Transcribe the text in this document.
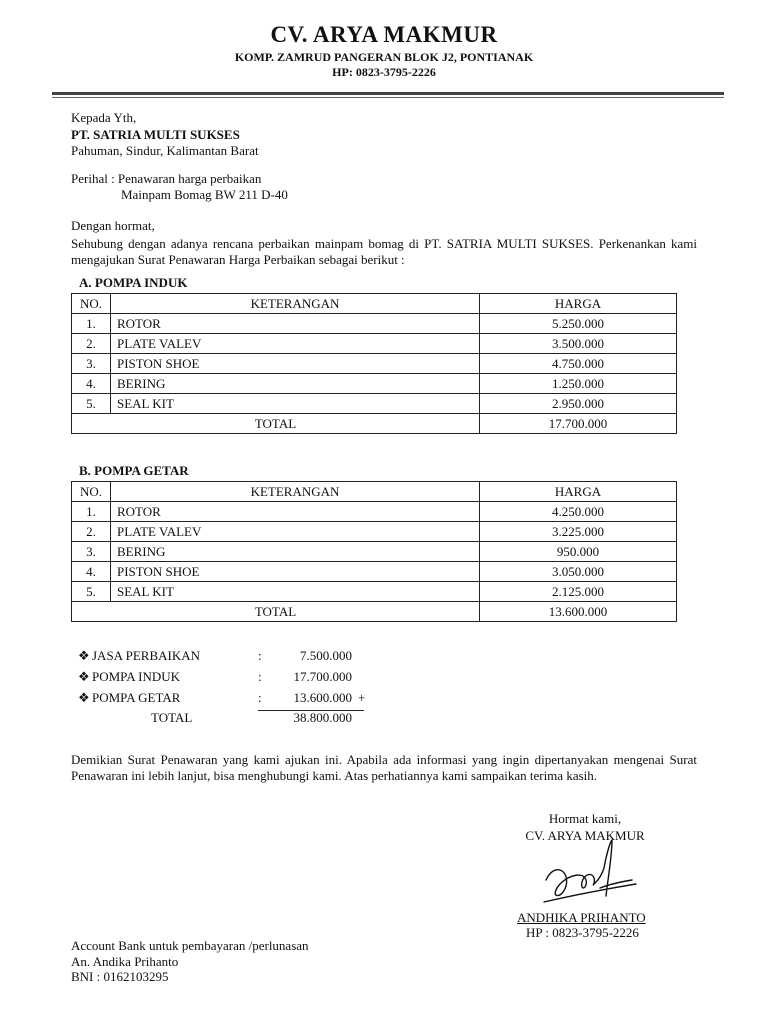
CV. ARYA MAKMUR
KOMP. ZAMRUD PANGERAN BLOK J2, PONTIANAK
HP: 0823-3795-2226
Kepada Yth,
PT. SATRIA MULTI SUKSES
Pahuman, Sindur, Kalimantan Barat
Perihal : Penawaran harga perbaikan
Mainpam Bomag BW 211 D-40
Dengan hormat,
Sehubung dengan adanya rencana perbaikan mainpam bomag di PT. SATRIA MULTI SUKSES. Perkenankan kami mengajukan Surat Penawaran Harga Perbaikan sebagai berikut :
A. POMPA INDUK
NO.	KETERANGAN	HARGA
1.	ROTOR	5.250.000
2.	PLATE VALEV	3.500.000
3.	PISTON SHOE	4.750.000
4.	BERING	1.250.000
5.	SEAL KIT	2.950.000
TOTAL		17.700.000
B. POMPA GETAR
NO.	KETERANGAN	HARGA
1.	ROTOR	4.250.000
2.	PLATE VALEV	3.225.000
3.	BERING	950.000
4.	PISTON SHOE	3.050.000
5.	SEAL KIT	2.125.000
TOTAL		13.600.000
❖ JASA PERBAIKAN	:	7.500.000
❖ POMPA INDUK	:	17.700.000
❖ POMPA GETAR	:	13.600.000 +
TOTAL	38.800.000
Demikian Surat Penawaran yang kami ajukan ini. Apabila ada informasi yang ingin dipertanyakan mengenai Surat Penawaran ini lebih lanjut, bisa menghubungi kami. Atas perhatiannya kami sampaikan terima kasih.
Hormat kami,
CV. ARYA MAKMUR
ANDHIKA PRIHANTO
HP : 0823-3795-2226
Account Bank untuk pembayaran /perlunasan
An. Andika Prihanto
BNI : 0162103295
